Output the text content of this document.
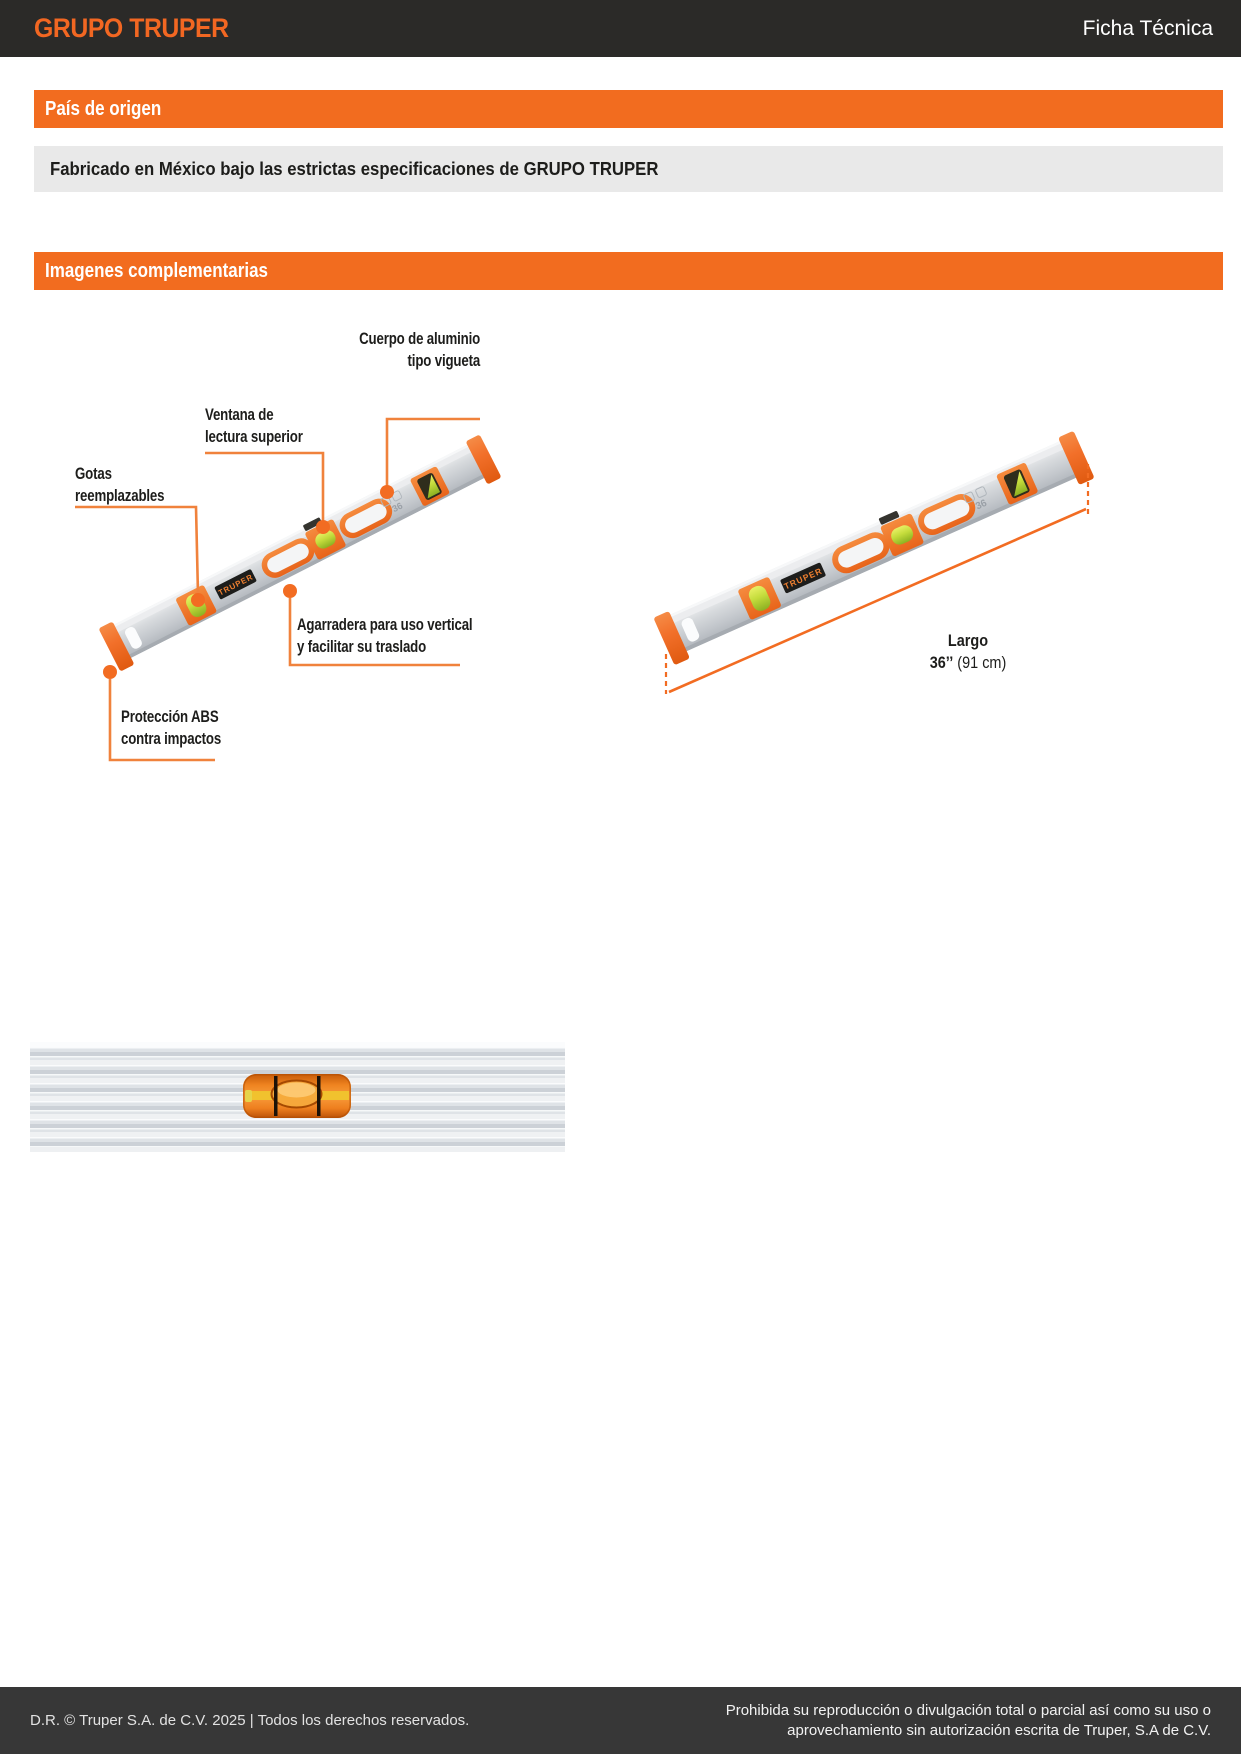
GRUPO TRUPER	Ficha Técnica
País de origen
Fabricado en México bajo las estrictas especificaciones de GRUPO TRUPER
Imagenes complementarias
Cuerpo de aluminio
tipo vigueta
Ventana de
lectura superior
Gotas
reemplazables
Agarradera para uso vertical
y facilitar su traslado
Protección ABS
contra impactos
Largo
36’’ (91 cm)
D.R. © Truper S.A. de C.V. 2025 | Todos los derechos reservados.
Prohibida su reproducción o divulgación total o parcial así como su uso o
aprovechamiento sin autorización escrita de Truper, S.A de C.V.
